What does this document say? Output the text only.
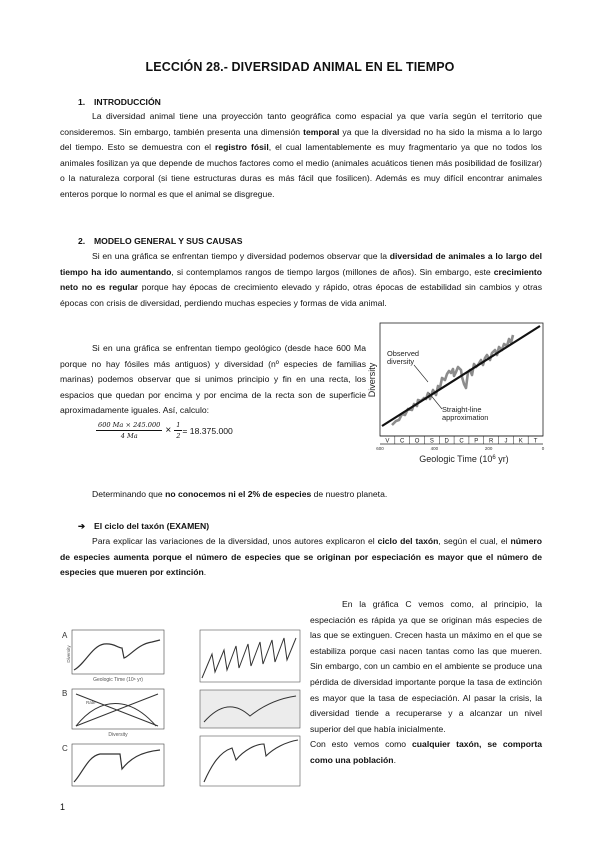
LECCIÓN 28.- DIVERSIDAD ANIMAL EN EL TIEMPO
1. INTRODUCCIÓN
La diversidad animal tiene una proyección tanto geográfica como espacial ya que varía según el territorio que consideremos. Sin embargo, también presenta una dimensión temporal ya que la diversidad no ha sido la misma a lo largo del tiempo. Esto se demuestra con el registro fósil, el cual lamentablemente es muy fragmentario ya que no todos los animales fosilizan ya que depende de muchos factores como el medio (animales acuáticos tienen más posibilidad de fosilizar) o la naturaleza corporal (si tiene estructuras duras es más fácil que fosilicen). Además es muy difícil encontrar animales enteros porque lo normal es que el animal se disgregue.
2. MODELO GENERAL Y SUS CAUSAS
Si en una gráfica se enfrentan tiempo y diversidad podemos observar que la diversidad de animales a lo largo del tiempo ha ido aumentando, si contemplamos rangos de tiempo largos (millones de años). Sin embargo, este crecimiento neto no es regular porque hay épocas de crecimiento elevado y rápido, otras épocas de estabilidad sin cambios y otras épocas con crisis de diversidad, perdiendo muchas especies y formas de vida animal.
Si en una gráfica se enfrentan tiempo geológico (desde hace 600 Ma porque no hay fósiles más antiguos) y diversidad (nº especies de familias marinas) podemos observar que si unimos principio y fin en una recta, los espacios que quedan por encima y por encima de la recta son de superficie aproximadamente iguales. Así, calculo:
Diversity
Observed
diversity
Straight-line
approximation
V C O S D C P R J K T
600	400	200	0
Geologic Time ($10^6$ yr)
$\frac{600 Ma \times 245.000}{4 Ma} \times \frac{1}{2} = 18.375.000$
Determinando que no conocemos ni el 2% de especies de nuestro planeta.
➔ El ciclo del taxón (EXAMEN)
Para explicar las variaciones de la diversidad, unos autores explicaron el ciclo del taxón, según el cual, el número de especies aumenta porque el número de especies que se originan por especiación es mayor que el número de especies que mueren por extinción.
A
Diversity
Geologic Time (10⁶ yr)
B
Rate
Diversity
C
En la gráfica C vemos como, al principio, la especiación es rápida ya que se originan más especies de las que se extinguen. Crecen hasta un máximo en el que se estabiliza porque casi nacen tantas como las que mueren. Sin embargo, con un cambio en el ambiente se produce una pérdida de diversidad importante porque la tasa de extinción es mayor que la tasa de especiación. Al pasar la crisis, la diversidad tiende a recuperarse y a alcanzar un nivel superior del que había inicialmente.
Con esto vemos como cualquier taxón, se comporta como una población.
1
